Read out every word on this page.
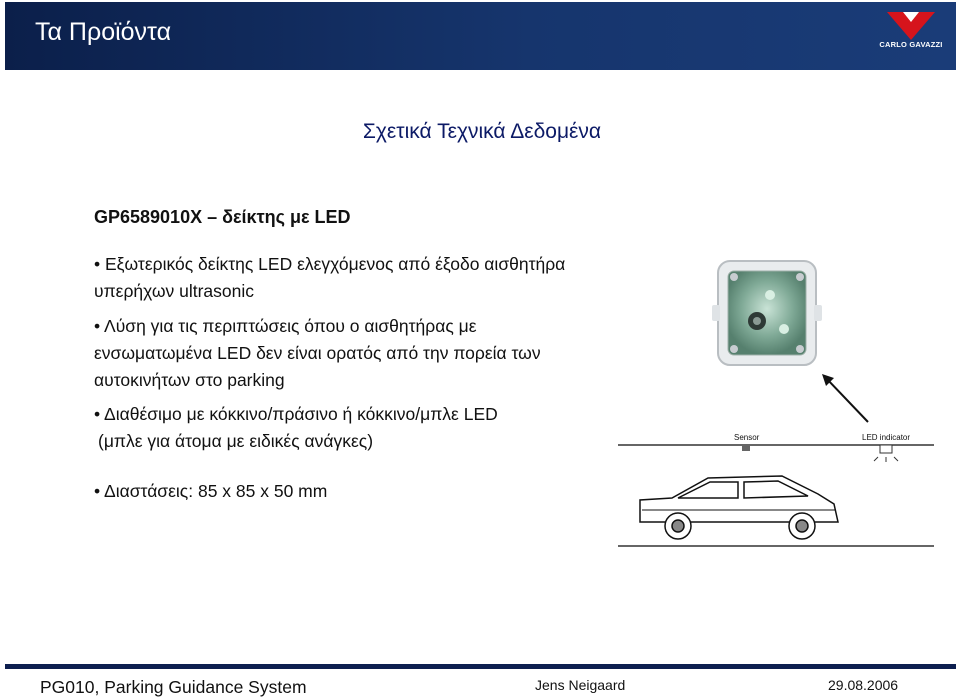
Τα Προϊόντα	CARLO GAVAZZI
Σχετικά Τεχνικά Δεδομένα
GP6589010X – δείκτης με LED
• Εξωτερικός δείκτης LED ελεγχόμενος από έξοδο αισθητήρα
υπερήχων ultrasonic
• Λύση για τις περιπτώσεις όπου ο αισθητήρας με
ενσωματωμένα LED δεν είναι ορατός από την πορεία των
αυτοκινήτων στο parking
• Διαθέσιμο με κόκκινο/πράσινο ή κόκκινο/μπλε LED
(μπλε για άτομα με ειδικές ανάγκες)
• Διαστάσεις: 85 x 85 x 50 mm
Sensor	LED indicator
PG010, Parking Guidance System	Jens Neigaard	29.08.2006
